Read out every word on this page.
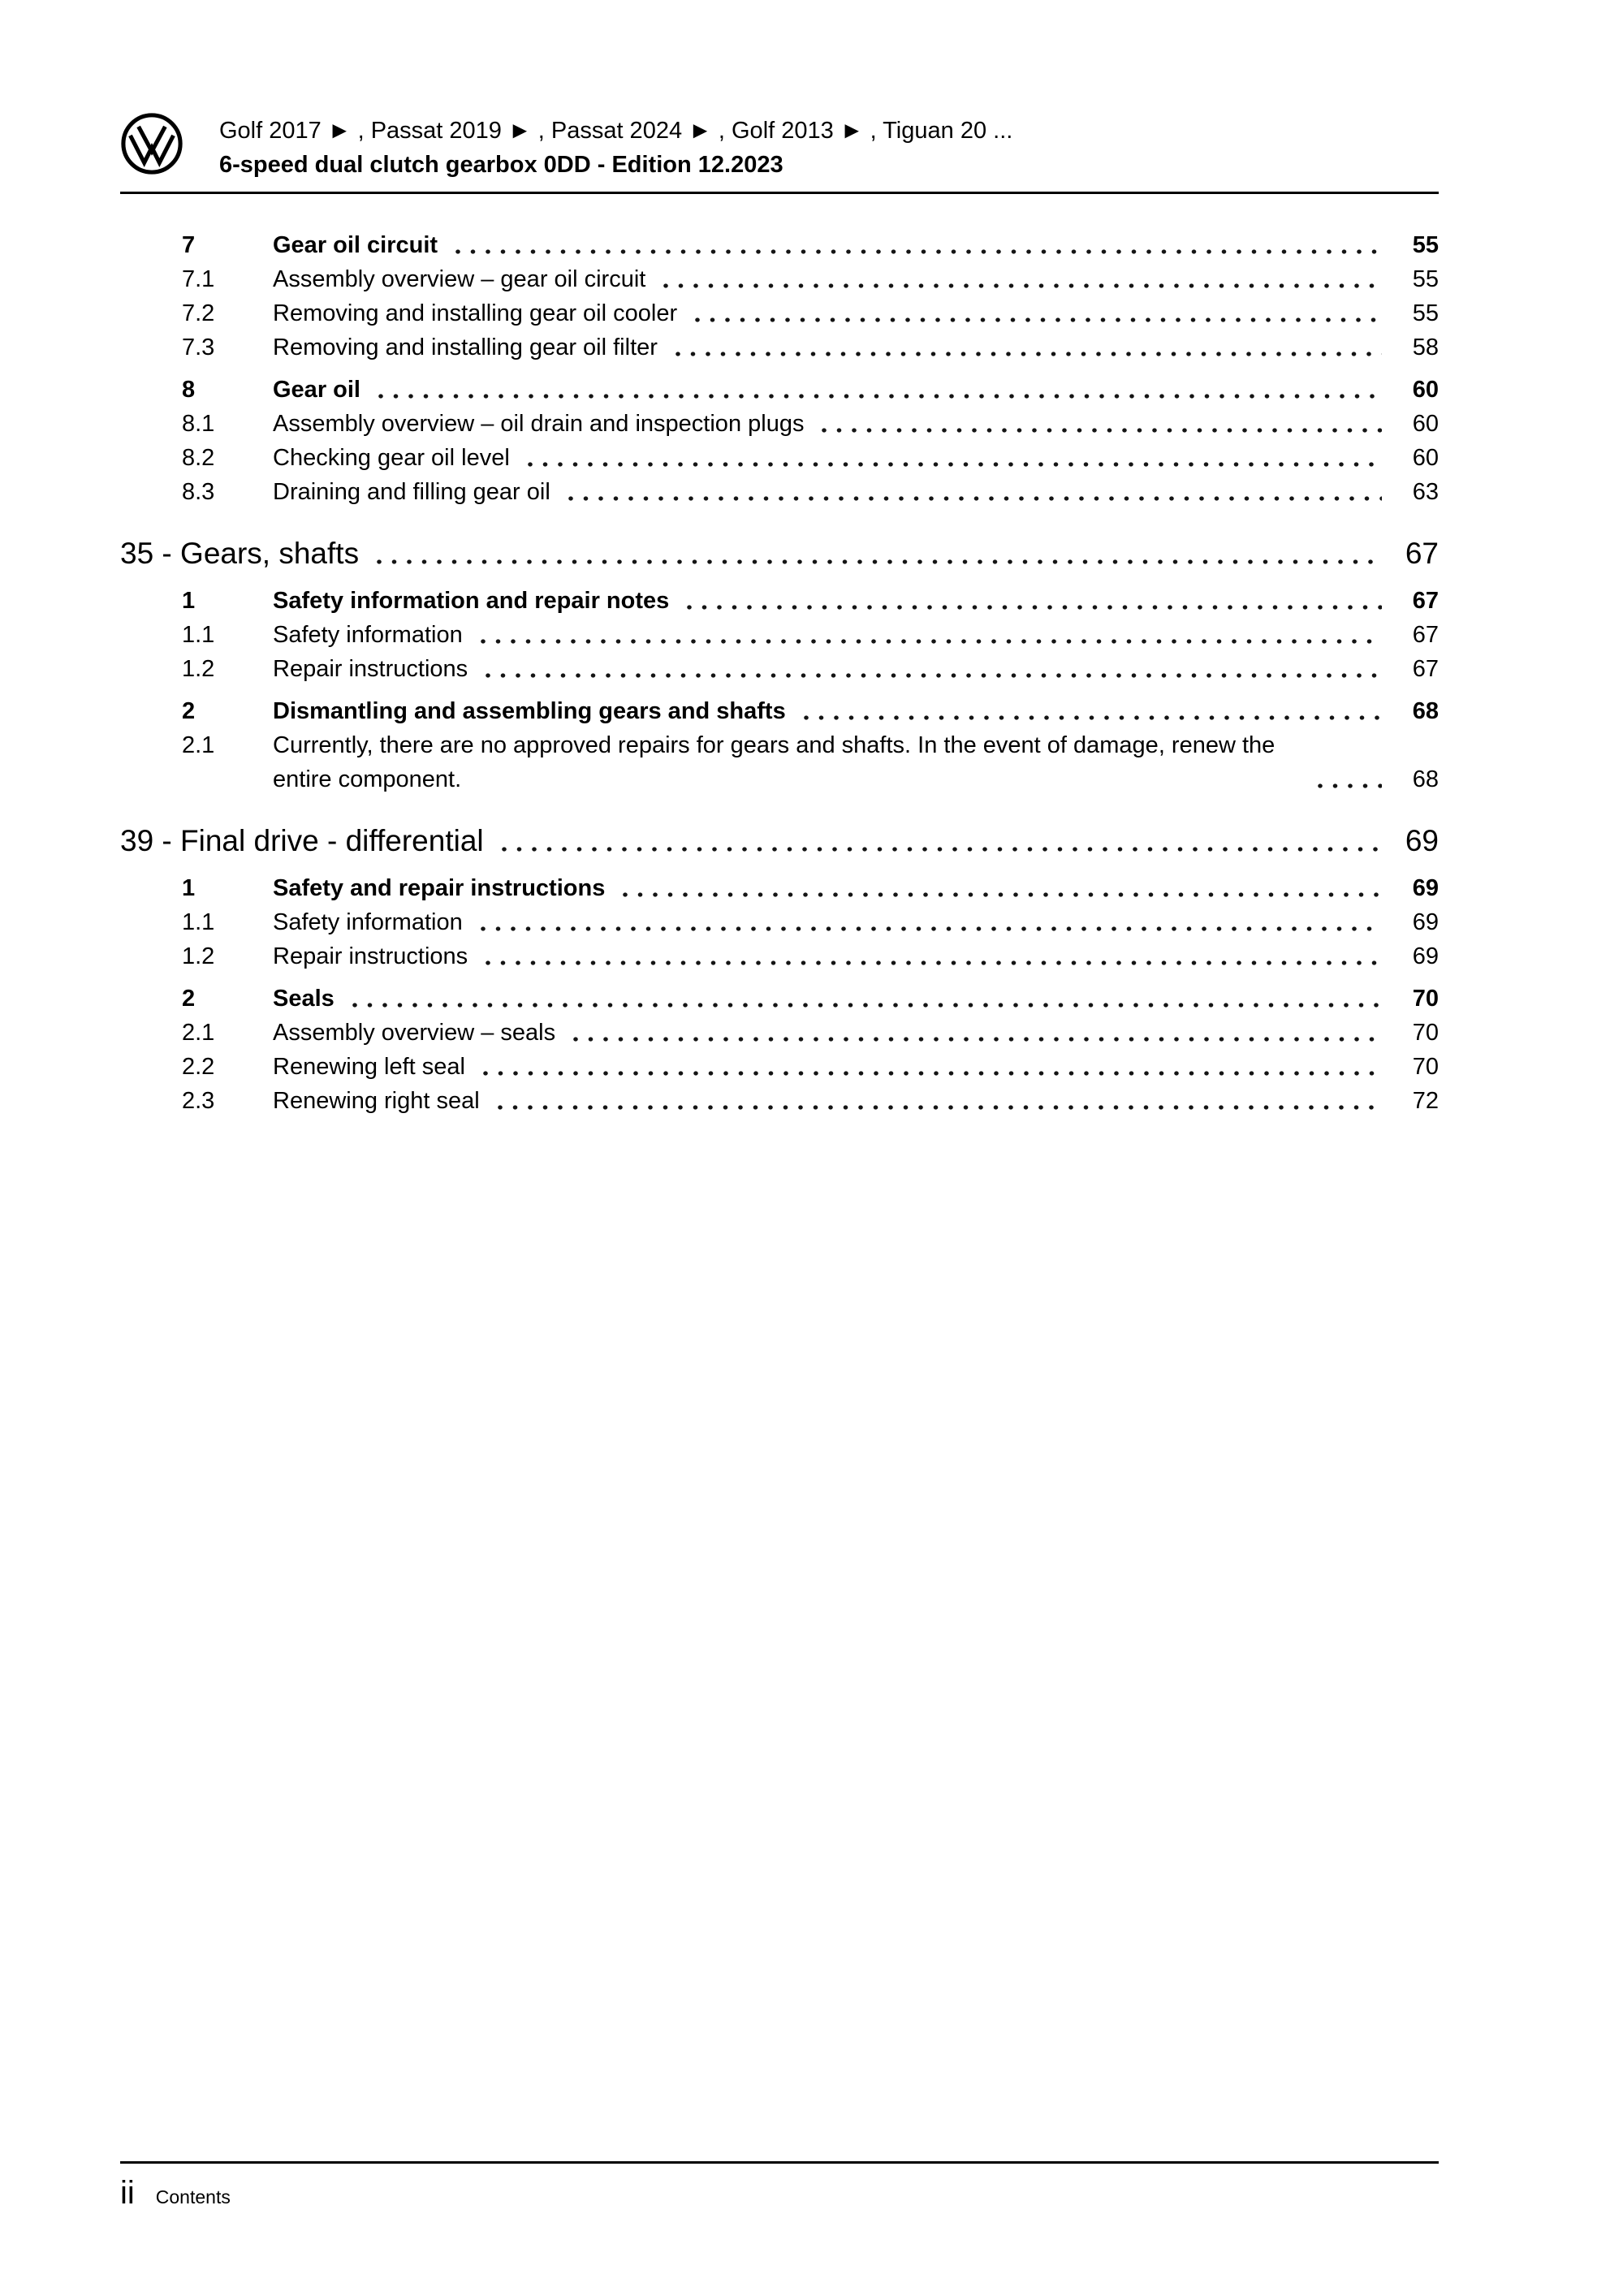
Golf 2017 ► , Passat 2019 ► , Passat 2024 ► , Golf 2013 ► , Tiguan 20 ...
6-speed dual clutch gearbox 0DD - Edition 12.2023
7	Gear oil circuit	55
7.1	Assembly overview – gear oil circuit	55
7.2	Removing and installing gear oil cooler	55
7.3	Removing and installing gear oil filter	58
8	Gear oil	60
8.1	Assembly overview – oil drain and inspection plugs	60
8.2	Checking gear oil level	60
8.3	Draining and filling gear oil	63
35 - Gears, shafts	67
1	Safety information and repair notes	67
1.1	Safety information	67
1.2	Repair instructions	67
2	Dismantling and assembling gears and shafts	68
2.1	Currently, there are no approved repairs for gears and shafts. In the event of damage, renew the entire component.	68
39 - Final drive - differential	69
1	Safety and repair instructions	69
1.1	Safety information	69
1.2	Repair instructions	69
2	Seals	70
2.1	Assembly overview – seals	70
2.2	Renewing left seal	70
2.3	Renewing right seal	72
ii Contents
